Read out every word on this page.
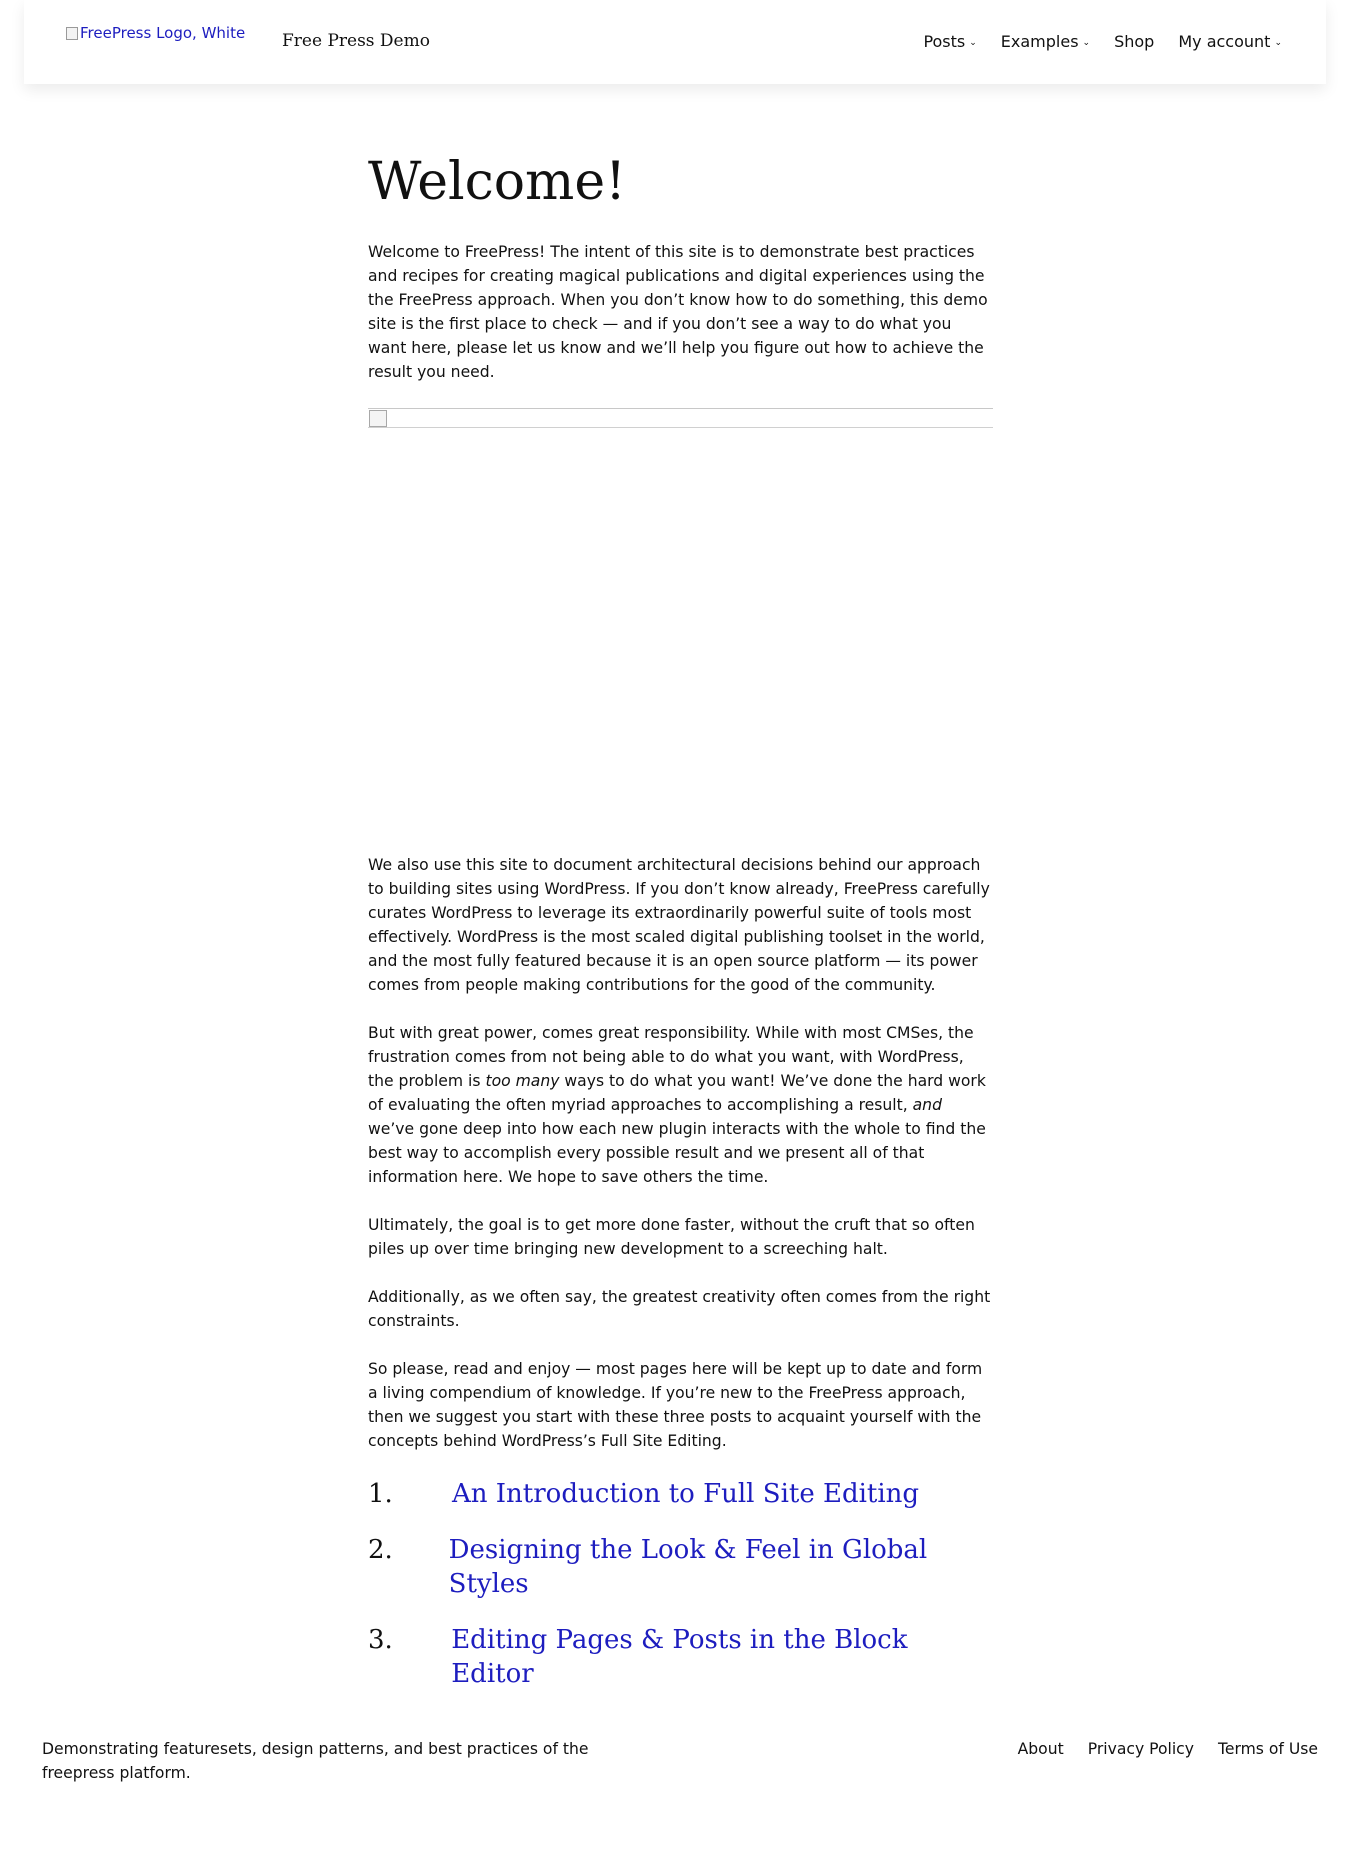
FreePress Logo, White Free Press Demo	Posts ⌄ Examples ⌄ Shop My account ⌄
Welcome!

Welcome to FreePress! The intent of this site is to demonstrate best practices and recipes for creating magical publications and digital experiences using the the FreePress approach. When you don’t know how to do something, this demo site is the first place to check — and if you don’t see a way to do what you want here, please let us know and we’ll help you figure out how to achieve the result you need.

We also use this site to document architectural decisions behind our approach to building sites using WordPress. If you don’t know already, FreePress carefully curates WordPress to leverage its extraordinarily powerful suite of tools most effectively. WordPress is the most scaled digital publishing toolset in the world, and the most fully featured because it is an open source platform — its power comes from people making contributions for the good of the community.

But with great power, comes great responsibility. While with most CMSes, the frustration comes from not being able to do what you want, with WordPress, the problem is too many ways to do what you want! We’ve done the hard work of evaluating the often myriad approaches to accomplishing a result, and we’ve gone deep into how each new plugin interacts with the whole to find the best way to accomplish every possible result and we present all of that information here. We hope to save others the time.

Ultimately, the goal is to get more done faster, without the cruft that so often piles up over time bringing new development to a screeching halt.

Additionally, as we often say, the greatest creativity often comes from the right constraints.

So please, read and enjoy — most pages here will be kept up to date and form a living compendium of knowledge. If you’re new to the FreePress approach, then we suggest you start with these three posts to acquaint yourself with the concepts behind WordPress’s Full Site Editing.

1.	An Introduction to Full Site Editing
2.	Designing the Look & Feel in Global Styles
3.	Editing Pages & Posts in the Block Editor
Demonstrating featuresets, design patterns, and best practices of the freepress platform.
About Privacy Policy Terms of Use
